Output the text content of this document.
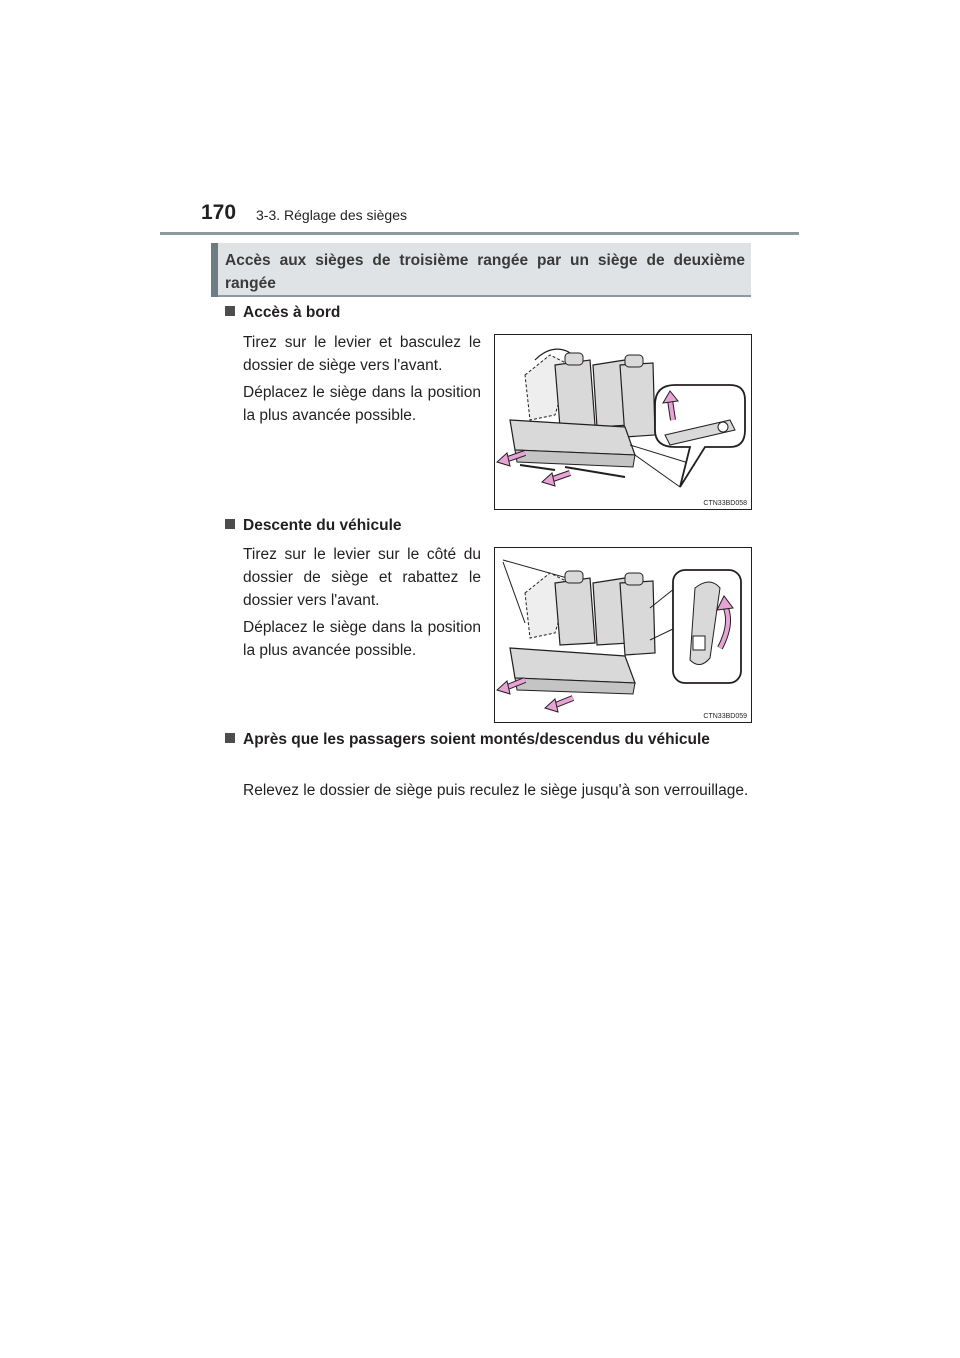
170 3-3. Réglage des sièges
Accès aux sièges de troisième rangée par un siège de deuxième rangée
Accès à bord
Tirez sur le levier et basculez le dossier de siège vers l'avant.
Déplacez le siège dans la position la plus avancée possible.
CTN33BD058
Descente du véhicule
Tirez sur le levier sur le côté du dossier de siège et rabattez le dossier vers l'avant.
Déplacez le siège dans la position la plus avancée possible.
CTN33BD059
Après que les passagers soient montés/descendus du véhicule
Relevez le dossier de siège puis reculez le siège jusqu'à son verrouillage.
